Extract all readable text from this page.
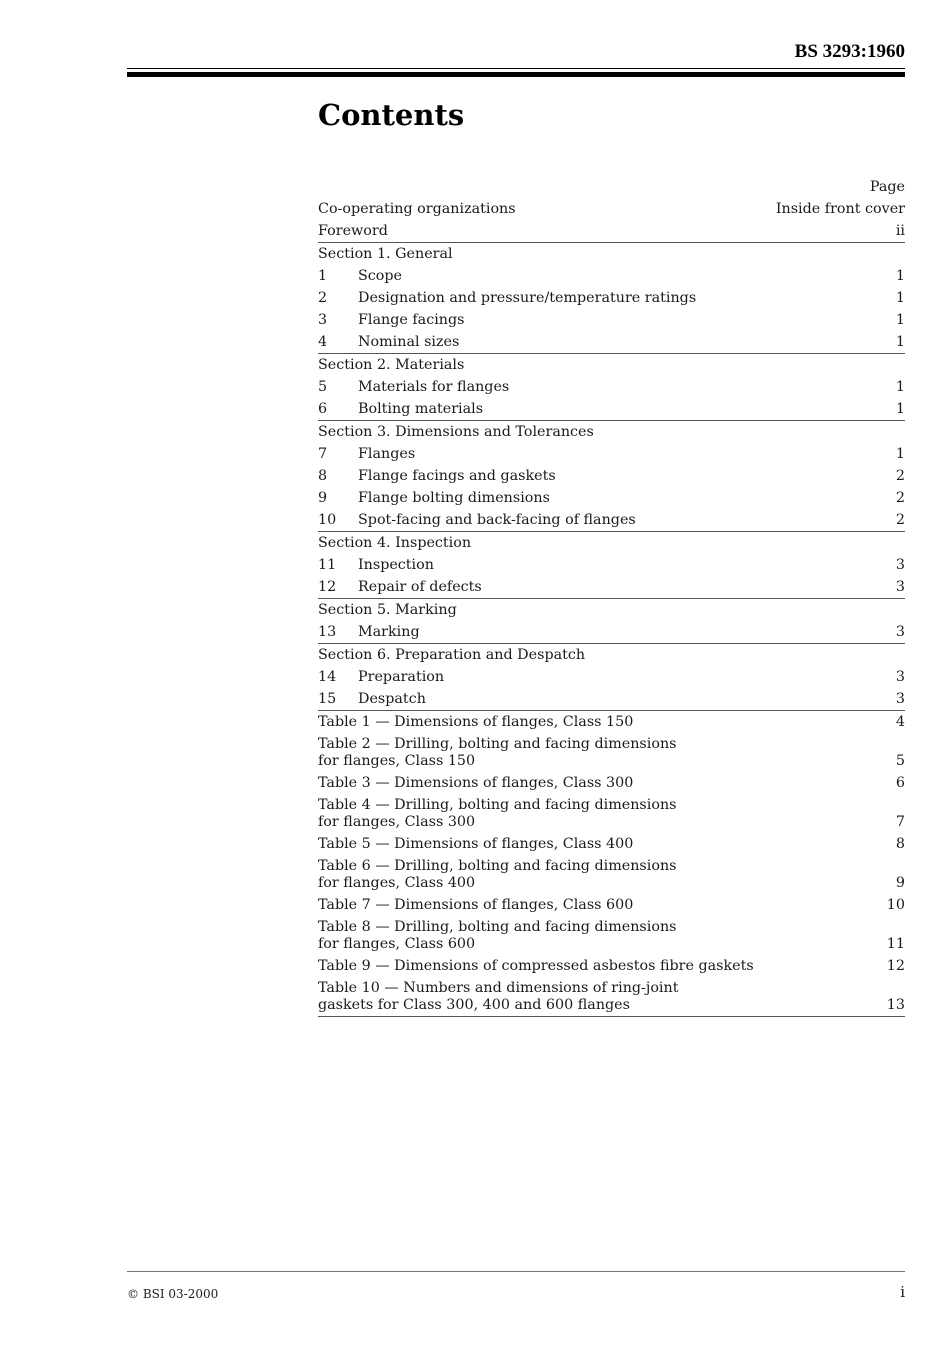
BS 3293:1960
Contents
Page
Co-operating organizations	Inside front cover
Foreword	ii
Section 1. General
1	Scope	1
2	Designation and pressure/temperature ratings	1
3	Flange facings	1
4	Nominal sizes	1
Section 2. Materials
5	Materials for flanges	1
6	Bolting materials	1
Section 3. Dimensions and Tolerances
7	Flanges	1
8	Flange facings and gaskets	2
9	Flange bolting dimensions	2
10	Spot-facing and back-facing of flanges	2
Section 4. Inspection
11	Inspection	3
12	Repair of defects	3
Section 5. Marking
13	Marking	3
Section 6. Preparation and Despatch
14	Preparation	3
15	Despatch	3
Table 1 — Dimensions of flanges, Class 150	4
Table 2 — Drilling, bolting and facing dimensions
for flanges, Class 150	5
Table 3 — Dimensions of flanges, Class 300	6
Table 4 — Drilling, bolting and facing dimensions
for flanges, Class 300	7
Table 5 — Dimensions of flanges, Class 400	8
Table 6 — Drilling, bolting and facing dimensions
for flanges, Class 400	9
Table 7 — Dimensions of flanges, Class 600	10
Table 8 — Drilling, bolting and facing dimensions
for flanges, Class 600	11
Table 9 — Dimensions of compressed asbestos fibre gaskets	12
Table 10 — Numbers and dimensions of ring-joint
gaskets for Class 300, 400 and 600 flanges	13
© BSI 03-2000	i
